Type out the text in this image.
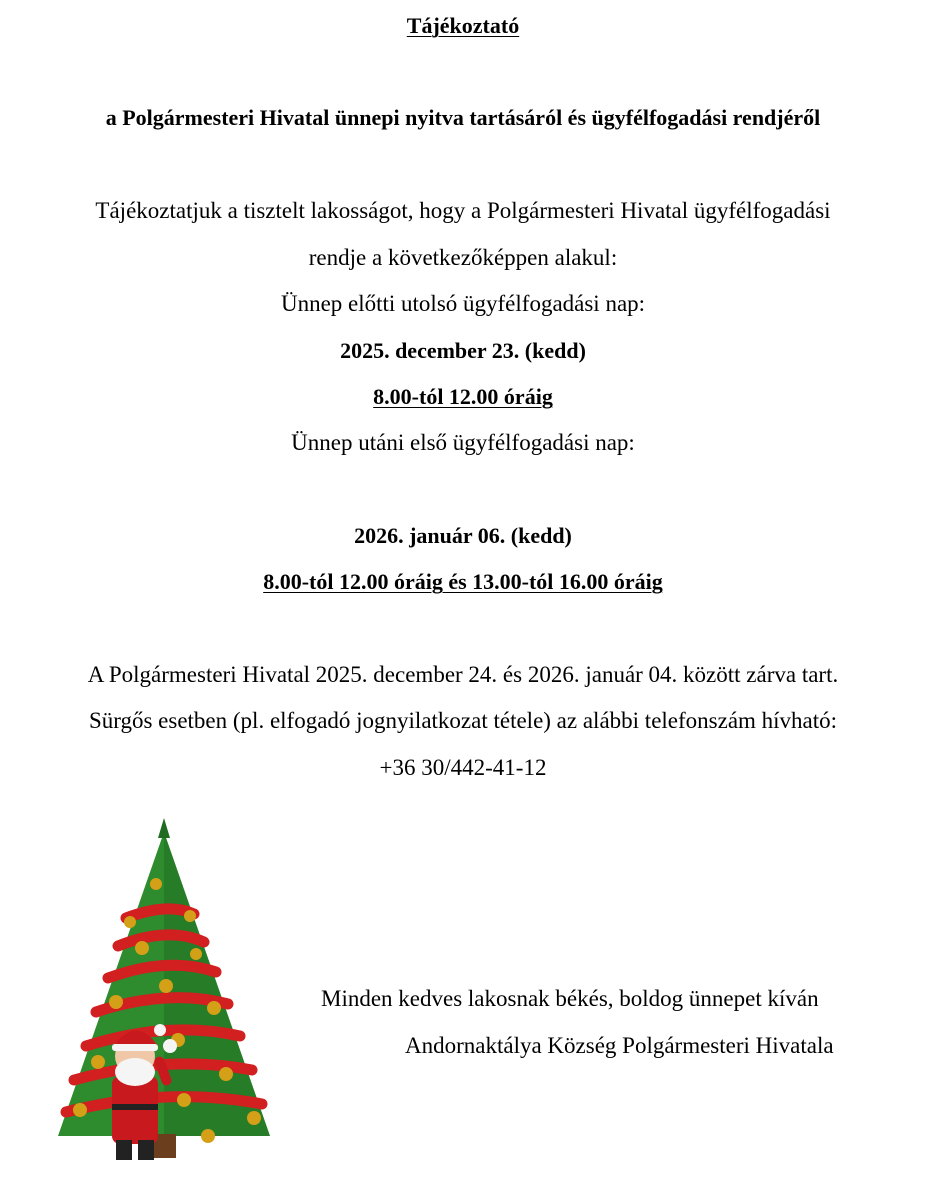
Tájékoztató
a Polgármesteri Hivatal ünnepi nyitva tartásáról és ügyfélfogadási rendjéről
Tájékoztatjuk a tisztelt lakosságot, hogy a Polgármesteri Hivatal ügyfélfogadási
rendje a következőképpen alakul:
Ünnep előtti utolsó ügyfélfogadási nap:
2025. december 23. (kedd)
8.00-tól 12.00 óráig
Ünnep utáni első ügyfélfogadási nap:
2026. január 06. (kedd)
8.00-tól 12.00 óráig és 13.00-tól 16.00 óráig
A Polgármesteri Hivatal 2025. december 24. és 2026. január 04. között zárva tart.
Sürgős esetben (pl. elfogadó jognyilatkozat tétele) az alábbi telefonszám hívható:
+36 30/442-41-12
Minden kedves lakosnak békés, boldog ünnepet kíván
Andornaktálya Község Polgármesteri Hivatala
